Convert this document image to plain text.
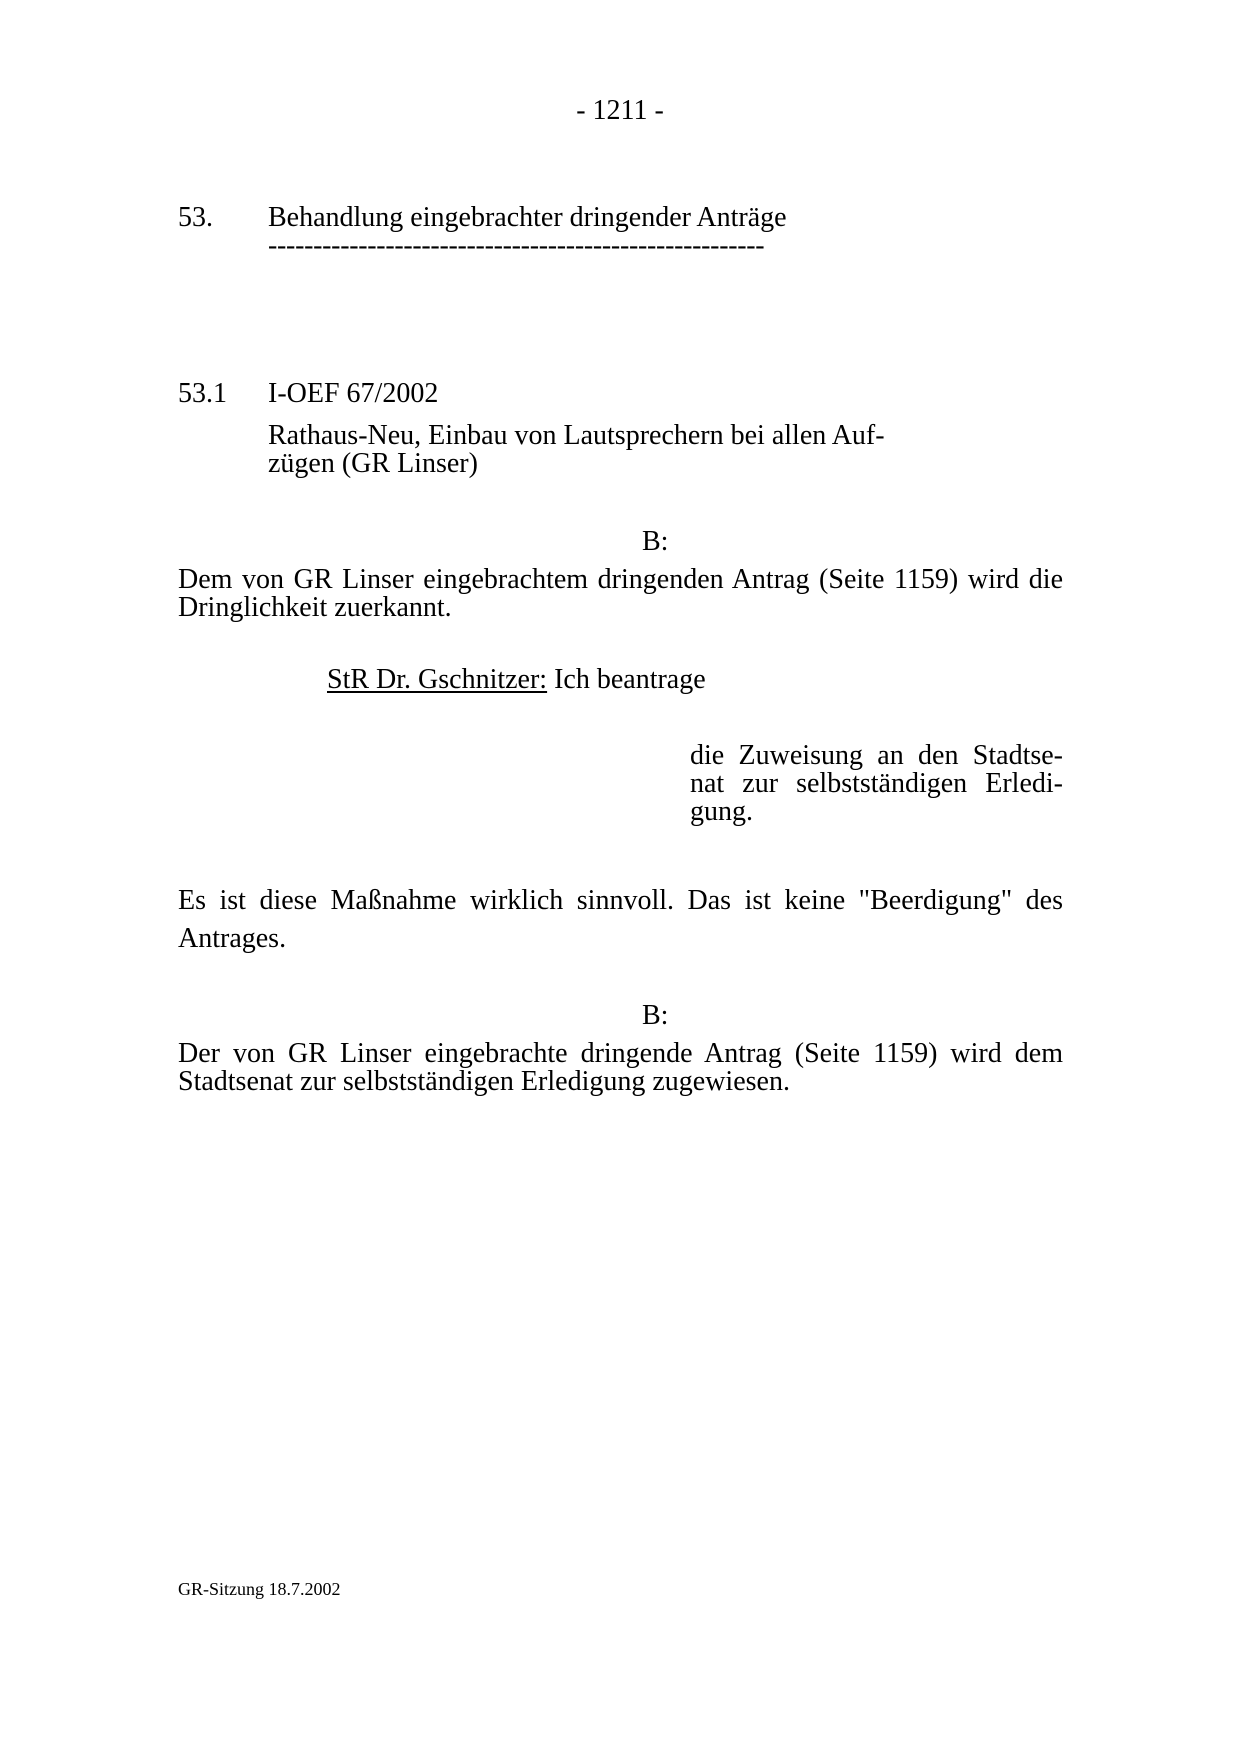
- 1211 -
53. Behandlung eingebrachter dringender Anträge
-------------------------------------------------------
53.1 I-OEF 67/2002
Rathaus-Neu, Einbau von Lautsprechern bei allen Auf-
zügen (GR Linser)
B:
Dem von GR Linser eingebrachtem dringenden Antrag (Seite 1159) wird die Dringlichkeit zuerkannt.
StR Dr. Gschnitzer: Ich beantrage
die Zuweisung an den Stadtse-nat zur selbstständigen Erledi-gung.
Es ist diese Maßnahme wirklich sinnvoll. Das ist keine "Beerdigung" des Antrages.
B:
Der von GR Linser eingebrachte dringende Antrag (Seite 1159) wird dem Stadtsenat zur selbstständigen Erledigung zugewiesen.
GR-Sitzung 18.7.2002
